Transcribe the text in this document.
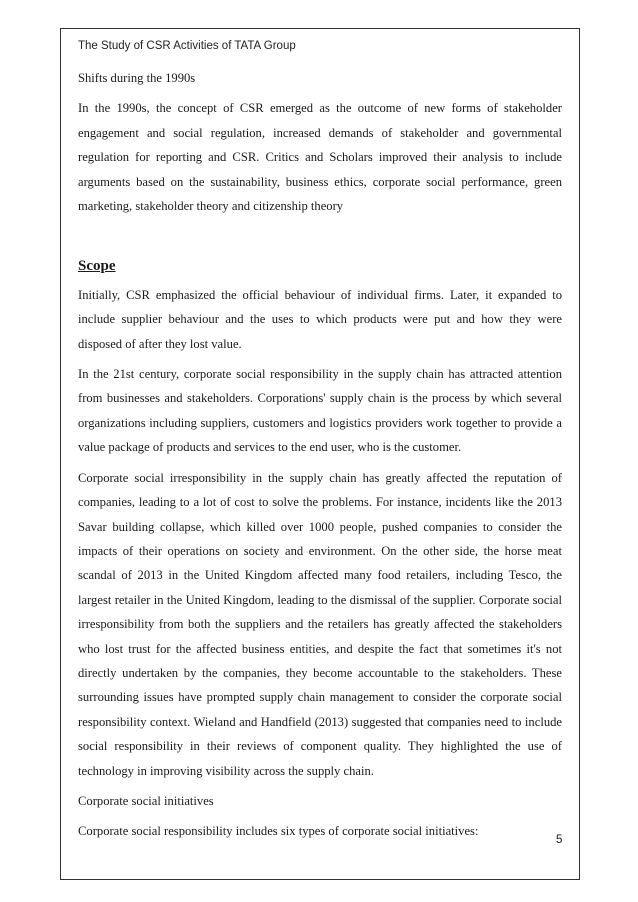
The Study of CSR Activities of TATA Group
Shifts during the 1990s

In the 1990s, the concept of CSR emerged as the outcome of new forms of stakeholder engagement and social regulation, increased demands of stakeholder and governmental regulation for reporting and CSR. Critics and Scholars improved their analysis to include arguments based on the sustainability, business ethics, corporate social performance, green marketing, stakeholder theory and citizenship theory

Scope

Initially, CSR emphasized the official behaviour of individual firms. Later, it expanded to include supplier behaviour and the uses to which products were put and how they were disposed of after they lost value.

In the 21st century, corporate social responsibility in the supply chain has attracted attention from businesses and stakeholders. Corporations' supply chain is the process by which several organizations including suppliers, customers and logistics providers work together to provide a value package of products and services to the end user, who is the customer.

Corporate social irresponsibility in the supply chain has greatly affected the reputation of companies, leading to a lot of cost to solve the problems. For instance, incidents like the 2013 Savar building collapse, which killed over 1000 people, pushed companies to consider the impacts of their operations on society and environment. On the other side, the horse meat scandal of 2013 in the United Kingdom affected many food retailers, including Tesco, the largest retailer in the United Kingdom, leading to the dismissal of the supplier. Corporate social irresponsibility from both the suppliers and the retailers has greatly affected the stakeholders who lost trust for the affected business entities, and despite the fact that sometimes it's not directly undertaken by the companies, they become accountable to the stakeholders. These surrounding issues have prompted supply chain management to consider the corporate social responsibility context. Wieland and Handfield (2013) suggested that companies need to include social responsibility in their reviews of component quality. They highlighted the use of technology in improving visibility across the supply chain.

Corporate social initiatives
Corporate social responsibility includes six types of corporate social initiatives:
5
